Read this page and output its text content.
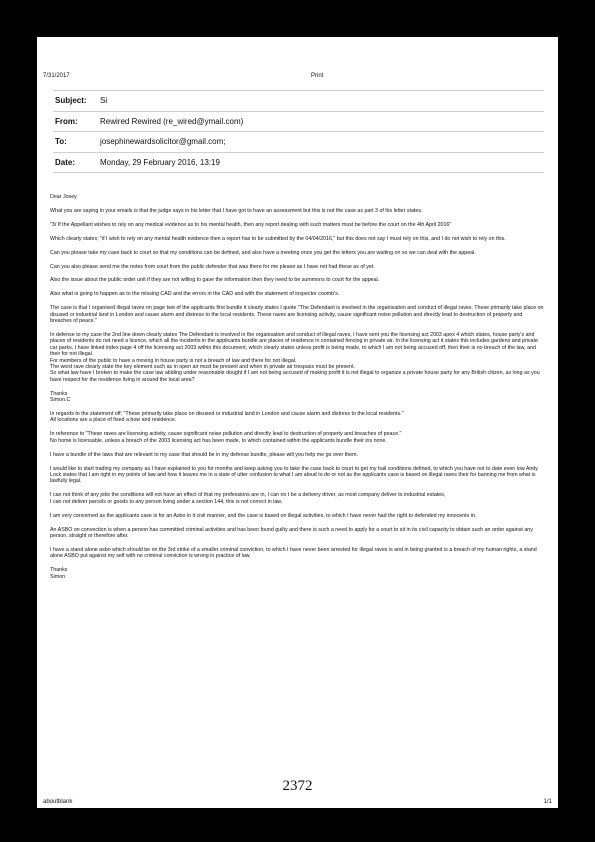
7/31/2017	Print
Subject:	Si
From:	Rewired Rewired (re_wired@ymail.com)
To:	josephinewardsolicitor@gmail.com;
Date:	Monday, 29 February 2016, 13:19

Dear Josey

What you are saying in your emails is that the judge says in his letter that I have got to have an assessment but this is not the case as part 3 of his letter states.

"3/ If the Appellant wishes to rely on any medical evidence as to his mental health, then any report dealing with such matters must be before the court on the 4th April 2016"

Which clearly states; "if I wish to rely on any mental health evidence then a report has to be submitted by the 04/04/2016," but this does not say I must rely on this, and I do not wish to rely on this.

Can you please take my case back to court so that my conditions can be defined, and also have a meeting once you get the letters you are waiting on so we can deal with the appeal.

Can you also please send me the notes from court from the public defender that was there for me please as I have not had these as of yet.

Also the issue about the public order unit if they are not willing to gave the information then they need to be summons to court for the appeal.

Also what is going to happen as to the missing CAD and the errors in the CAD and with the statement of inspector coomb's.

The case is that I organised illegal raves on page two of the applicants first bundle it clearly states I quote "The Defendant is involved in the organisation and conduct of illegal raves. These primarily take place on disused or industrial land in London and cause alarm and distress to the local residents. These raves are licensing activity, cause significant noise pollution and directly lead to destruction of property and breaches of peace."

In defense to my case the 2nd line down clearly states The Defendant is involved in the organisation and conduct of illegal raves, I have sent you the licensing act 2003 apex 4 which states, house party's and places of residents do not need a licence, which all the incidents in the applicants bundle are places of residence in contained fencing in private air. In the licensing act it states this includes gardens and private car parks. I have linked index page 4 off the licensing act 2003 within this document, which clearly states unless profit is being made, to which I am not being accused off, then their is no breach of the law, and their for not illegal.
For members of the public to have a moving in house party is not a breach of law and there for not illegal.
The word rave clearly state the key element such as in open air must be present and when in private air trespass must be present.
So what law have I broken to make the case law abiding under reasonable dought if I am not being accused of making profit it is not illegal to organize a private house party for any British citizen, as long as you have respect for the residence living in around the local area?

Thanks
Simon.C

In regards to the statement off; "These primarily take place on disused or industrial land in London and cause alarm and distress to the local residents."
All locations are a place of fixed a bow and residence.

In reference to "These raves are licensing activity, cause significant noise pollution and directly lead to destruction of property and breaches of peace."
No home is licensable, unless a breach of the 2003 licensing act has been made, to which contained within the applicants bundle their ins none.

I have a bundle of the laws that are relevant to my case that should be in my defense bundle, please will you help me go over them.

I would like to start trading my company as I have explained to you for months and keep asking you to take the case back to court to get my bail conditions defined, to which you have not to date even low Andy Lock states that I am right in my points of law and how it leaves me in a state of utter confusion to what I am aloud to do or not as the applicants case is based on illegal raves their for banning me from what is lawfully legal.

I can not think of any jobs the conditions will not have an effect of that my professions are in, I can no t be a delivery driver, as most company deliver to industrial estates,
I can not deliver parcels or goods to any person living under a section 144, this is not correct in law.

I am very concerned as the applicants case is for an Asbo in it civil manner, and the case is based on illegal activities, to which I have never had the right to defended my innocents in.

An ASBO on convection is when a person has committed criminal activities and has been found guilty and there is such a need to apply for a court to sit in its civil capacity to obtain such an order against any person, straight or therefore after.

I have a stand alone asbo which should be on the 3rd strike of a smaller criminal conviction, to which I have never been arrested for illegal raves is and in being granted is a breach of my human rights, a stand alone ASBO put against my self with no criminal conviction is wrong in practice of law.

Thanks
Simon

aboutblank	1/1
2372
